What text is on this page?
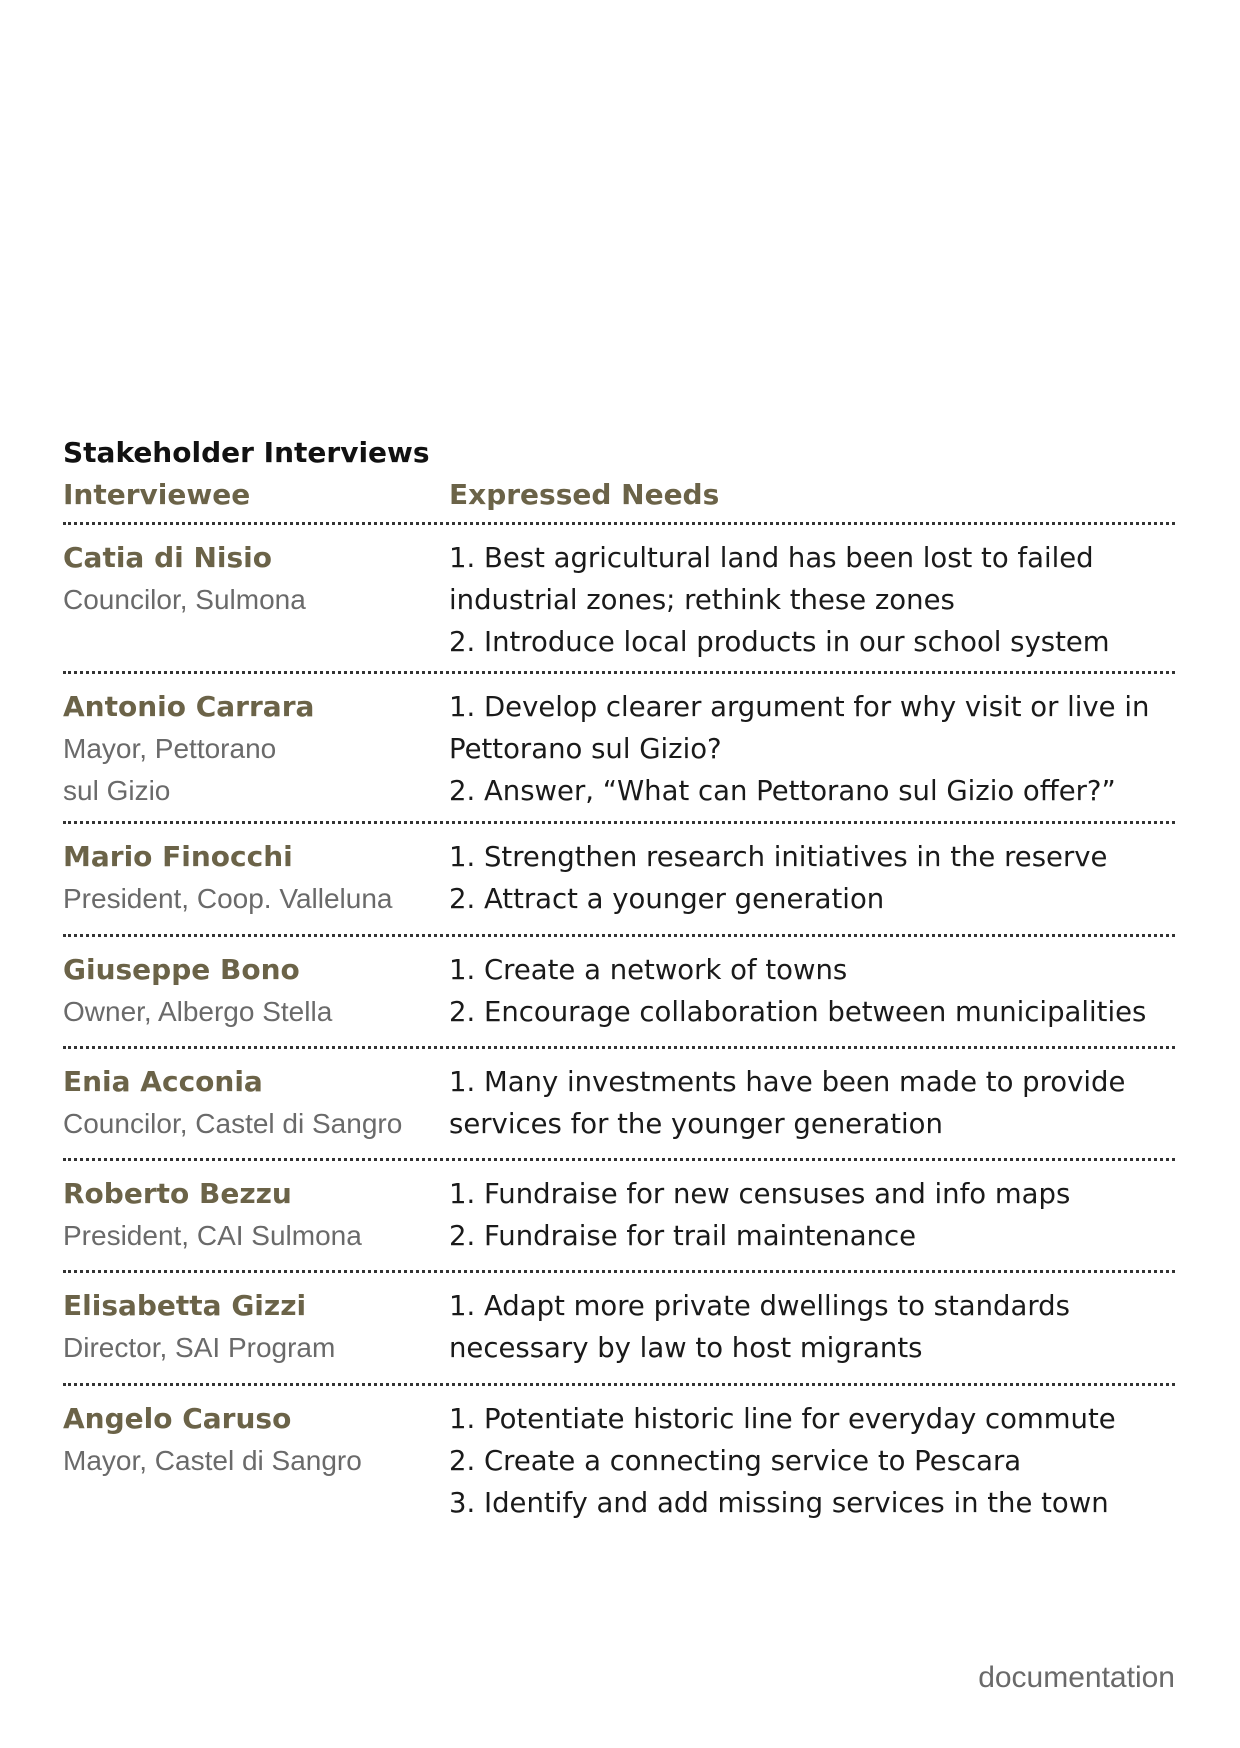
Stakeholder Interviews
Interviewee	Expressed Needs
Catia di Nisio
Councilor, Sulmona
1. Best agricultural land has been lost to failed
industrial zones; rethink these zones
2. Introduce local products in our school system
Antonio Carrara
Mayor, Pettorano
sul Gizio
1. Develop clearer argument for why visit or live in
Pettorano sul Gizio?
2. Answer, “What can Pettorano sul Gizio offer?”
Mario Finocchi
President, Coop. Valleluna
1. Strengthen research initiatives in the reserve
2. Attract a younger generation
Giuseppe Bono
Owner, Albergo Stella
1. Create a network of towns
2. Encourage collaboration between municipalities
Enia Acconia
Councilor, Castel di Sangro
1. Many investments have been made to provide
services for the younger generation
Roberto Bezzu
President, CAI Sulmona
1. Fundraise for new censuses and info maps
2. Fundraise for trail maintenance
Elisabetta Gizzi
Director, SAI Program
1. Adapt more private dwellings to standards
necessary by law to host migrants
Angelo Caruso
Mayor, Castel di Sangro
1. Potentiate historic line for everyday commute
2. Create a connecting service to Pescara
3. Identify and add missing services in the town
documentation
